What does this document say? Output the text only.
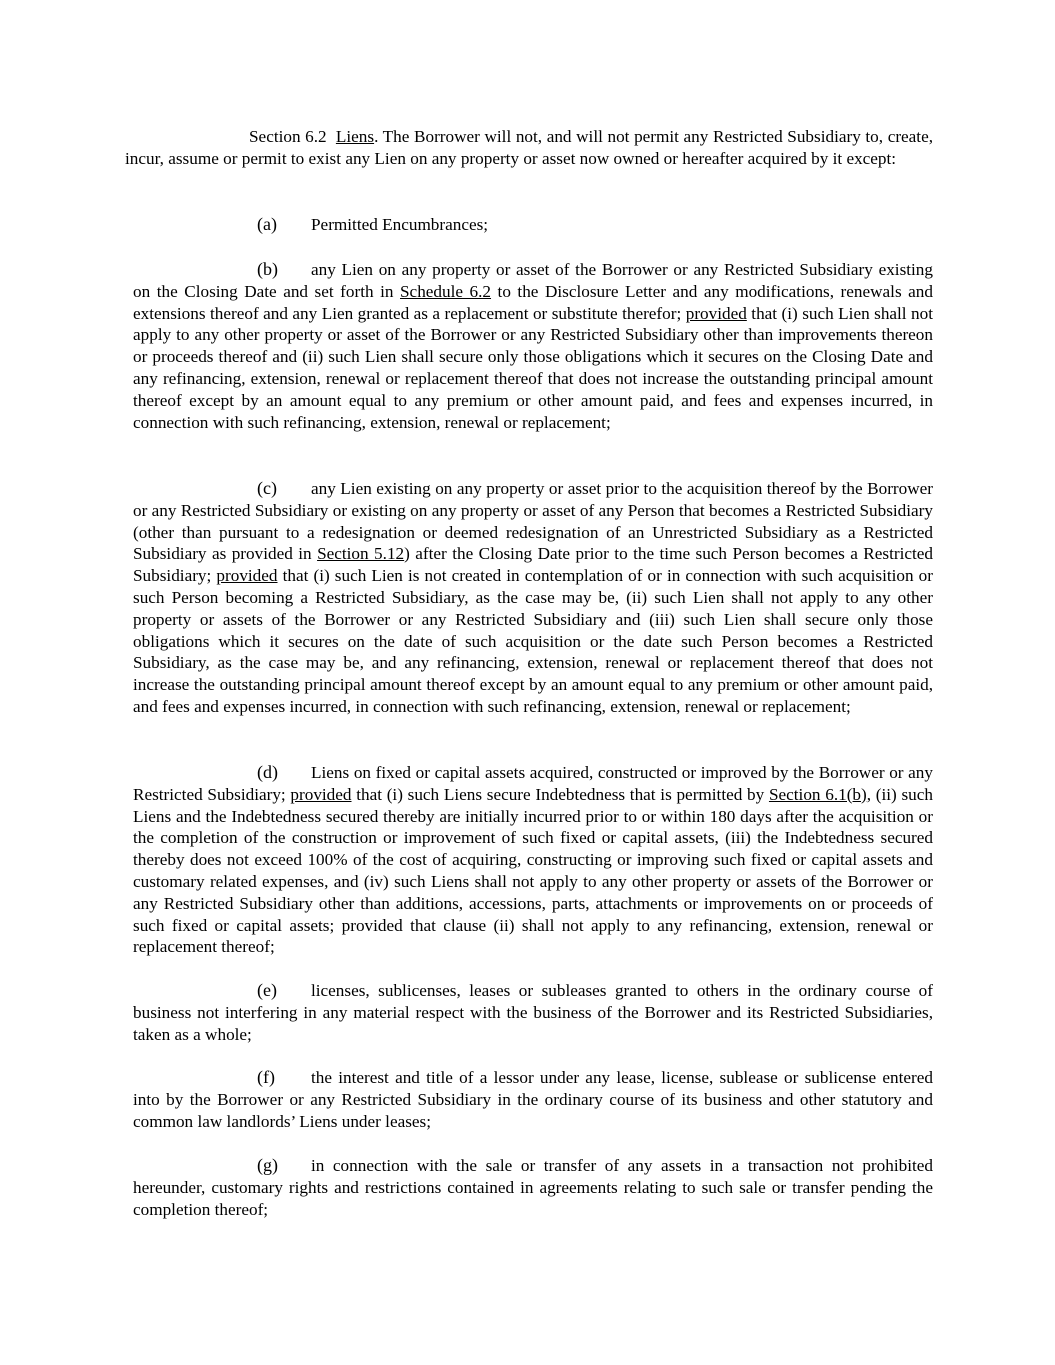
Section 6.2 Liens. The Borrower will not, and will not permit any Restricted Subsidiary to, create, incur, assume or permit to exist any Lien on any property or asset now owned or hereafter acquired by it except:

(a) Permitted Encumbrances;

(b) any Lien on any property or asset of the Borrower or any Restricted Subsidiary existing on the Closing Date and set forth in Schedule 6.2 to the Disclosure Letter and any modifications, renewals and extensions thereof and any Lien granted as a replacement or substitute therefor; provided that (i) such Lien shall not apply to any other property or asset of the Borrower or any Restricted Subsidiary other than improvements thereon or proceeds thereof and (ii) such Lien shall secure only those obligations which it secures on the Closing Date and any refinancing, extension, renewal or replacement thereof that does not increase the outstanding principal amount thereof except by an amount equal to any premium or other amount paid, and fees and expenses incurred, in connection with such refinancing, extension, renewal or replacement;

(c) any Lien existing on any property or asset prior to the acquisition thereof by the Borrower or any Restricted Subsidiary or existing on any property or asset of any Person that becomes a Restricted Subsidiary (other than pursuant to a redesignation or deemed redesignation of an Unrestricted Subsidiary as a Restricted Subsidiary as provided in Section 5.12) after the Closing Date prior to the time such Person becomes a Restricted Subsidiary; provided that (i) such Lien is not created in contemplation of or in connection with such acquisition or such Person becoming a Restricted Subsidiary, as the case may be, (ii) such Lien shall not apply to any other property or assets of the Borrower or any Restricted Subsidiary and (iii) such Lien shall secure only those obligations which it secures on the date of such acquisition or the date such Person becomes a Restricted Subsidiary, as the case may be, and any refinancing, extension, renewal or replacement thereof that does not increase the outstanding principal amount thereof except by an amount equal to any premium or other amount paid, and fees and expenses incurred, in connection with such refinancing, extension, renewal or replacement;

(d) Liens on fixed or capital assets acquired, constructed or improved by the Borrower or any Restricted Subsidiary; provided that (i) such Liens secure Indebtedness that is permitted by Section 6.1(b), (ii) such Liens and the Indebtedness secured thereby are initially incurred prior to or within 180 days after the acquisition or the completion of the construction or improvement of such fixed or capital assets, (iii) the Indebtedness secured thereby does not exceed 100% of the cost of acquiring, constructing or improving such fixed or capital assets and customary related expenses, and (iv) such Liens shall not apply to any other property or assets of the Borrower or any Restricted Subsidiary other than additions, accessions, parts, attachments or improvements on or proceeds of such fixed or capital assets; provided that clause (ii) shall not apply to any refinancing, extension, renewal or replacement thereof;

(e) licenses, sublicenses, leases or subleases granted to others in the ordinary course of business not interfering in any material respect with the business of the Borrower and its Restricted Subsidiaries, taken as a whole;

(f) the interest and title of a lessor under any lease, license, sublease or sublicense entered into by the Borrower or any Restricted Subsidiary in the ordinary course of its business and other statutory and common law landlords’ Liens under leases;

(g) in connection with the sale or transfer of any assets in a transaction not prohibited hereunder, customary rights and restrictions contained in agreements relating to such sale or transfer pending the completion thereof;
